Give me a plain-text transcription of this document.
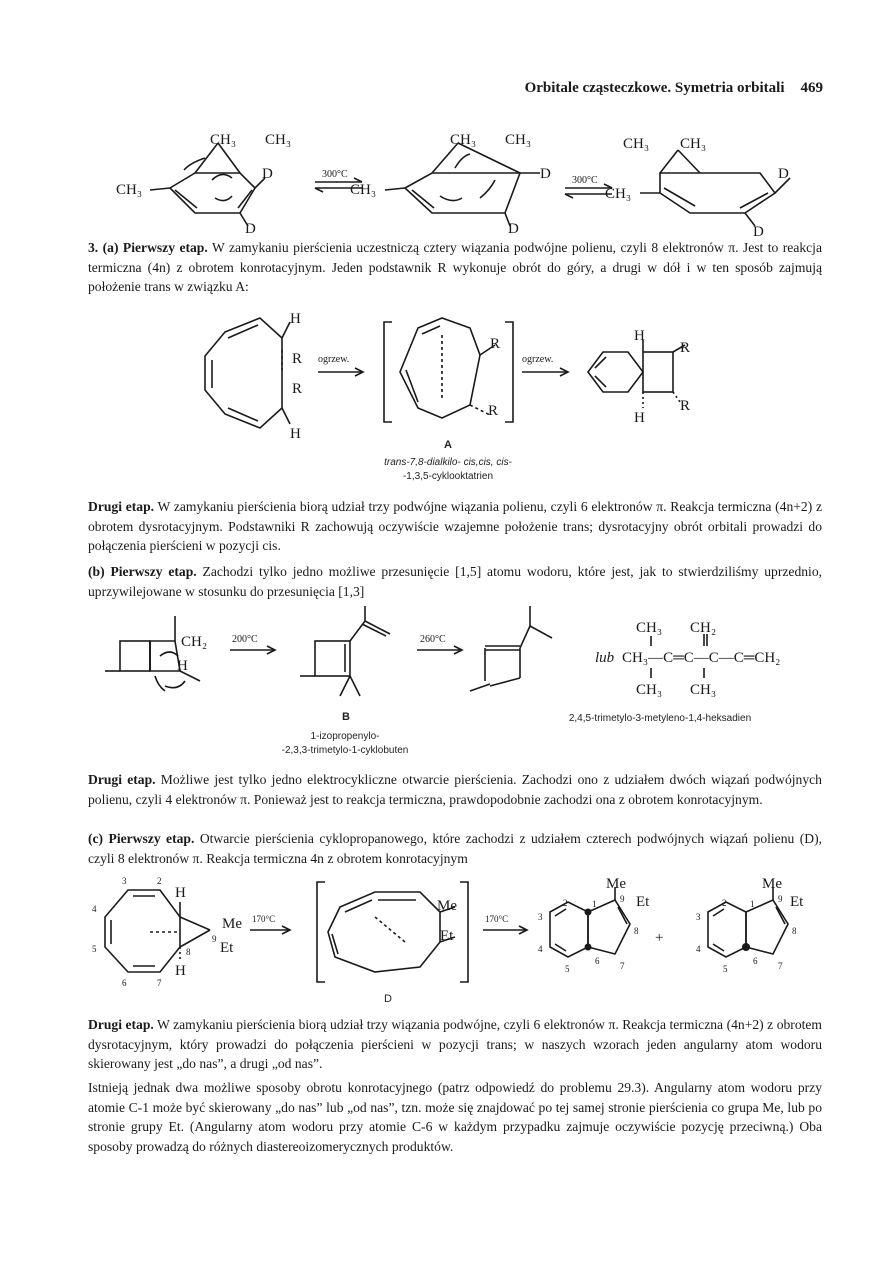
Orbitale cząsteczkowe. Symetria orbitali 469
CH₃ CH₃
CH₃
D
D
CH₃ CH₃
CH₃
D
D
CH₃ CH₃
CH₃
D
D
300°C
300°C

3. (a) Pierwszy etap. W zamykaniu pierścienia uczestniczą cztery wiązania podwójne polienu, czyli 8 elektronów π. Jest to reakcja termiczna (4n) z obrotem konrotacyjnym. Jeden podstawnik R wykonuje obrót do góry, a drugi w dół i w ten sposób zajmują położenie trans w związku A:

H
R
R
H
R
R
H
R
H
R
ogrzew.	ogrzew.
A
trans-7,8-dialkilo- cis,cis, cis-
-1,3,5-cyklooktatrien

Drugi etap. W zamykaniu pierścienia biorą udział trzy podwójne wiązania polienu, czyli 6 elektronów π. Reakcja termiczna (4n+2) z obrotem dysrotacyjnym. Podstawniki R zachowują oczywiście wzajemne położenie trans; dysrotacyjny obrót orbitali prowadzi do połączenia pierścieni w pozycji cis.

(b) Pierwszy etap. Zachodzi tylko jedno możliwe przesunięcie [1,5] atomu wodoru, które jest, jak to stwierdziliśmy uprzednio, uprzywilejowane w stosunku do przesunięcia [1,3]

CH₂
H	lub
CH₃ CH₂
CH₃—C═C—C—C═CH₂
CH₃ CH₃
200°C	260°C
B
1-izopropenylo-
-2,3,3-trimetylo-1-cyklobuten
2,4,5-trimetylo-3-metyleno-1,4-heksadien

Drugi etap. Możliwe jest tylko jedno elektrocykliczne otwarcie pierścienia. Zachodzi ono z udziałem dwóch wiązań podwójnych polienu, czyli 4 elektronów π. Ponieważ jest to reakcja termiczna, prawdopodobnie zachodzi ona z obrotem konrotacyjnym.

(c) Pierwszy etap. Otwarcie pierścienia cyklopropanowego, które zachodzi z udziałem czterech podwójnych wiązań polienu (D), czyli 8 elektronów π. Reakcja termiczna 4n z obrotem konrotacyjnym

H
Me
Et
H
Me
Et
Me
Et
+
Me
Et
170°C	170°C
3	2
4
5
6	7
8
9
2	1
3
4
5
6 7
8
9	2	1
3
4
5
6 7
8
9
D

Drugi etap. W zamykaniu pierścienia biorą udział trzy wiązania podwójne, czyli 6 elektronów π. Reakcja termiczna (4n+2) z obrotem dysrotacyjnym, który prowadzi do połączenia pierścieni w pozycji trans; w naszych wzorach jeden angularny atom wodoru skierowany jest „do nas”, a drugi „od nas”.

Istnieją jednak dwa możliwe sposoby obrotu konrotacyjnego (patrz odpowiedź do problemu 29.3). Angularny atom wodoru przy atomie C-1 może być skierowany „do nas” lub „od nas”, tzn. może się znajdować po tej samej stronie pierścienia co grupa Me, lub po stronie grupy Et. (Angularny atom wodoru przy atomie C-6 w każdym przypadku zajmuje oczywiście pozycję przeciwną.) Oba sposoby prowadzą do różnych diastereoizomerycznych produktów.
